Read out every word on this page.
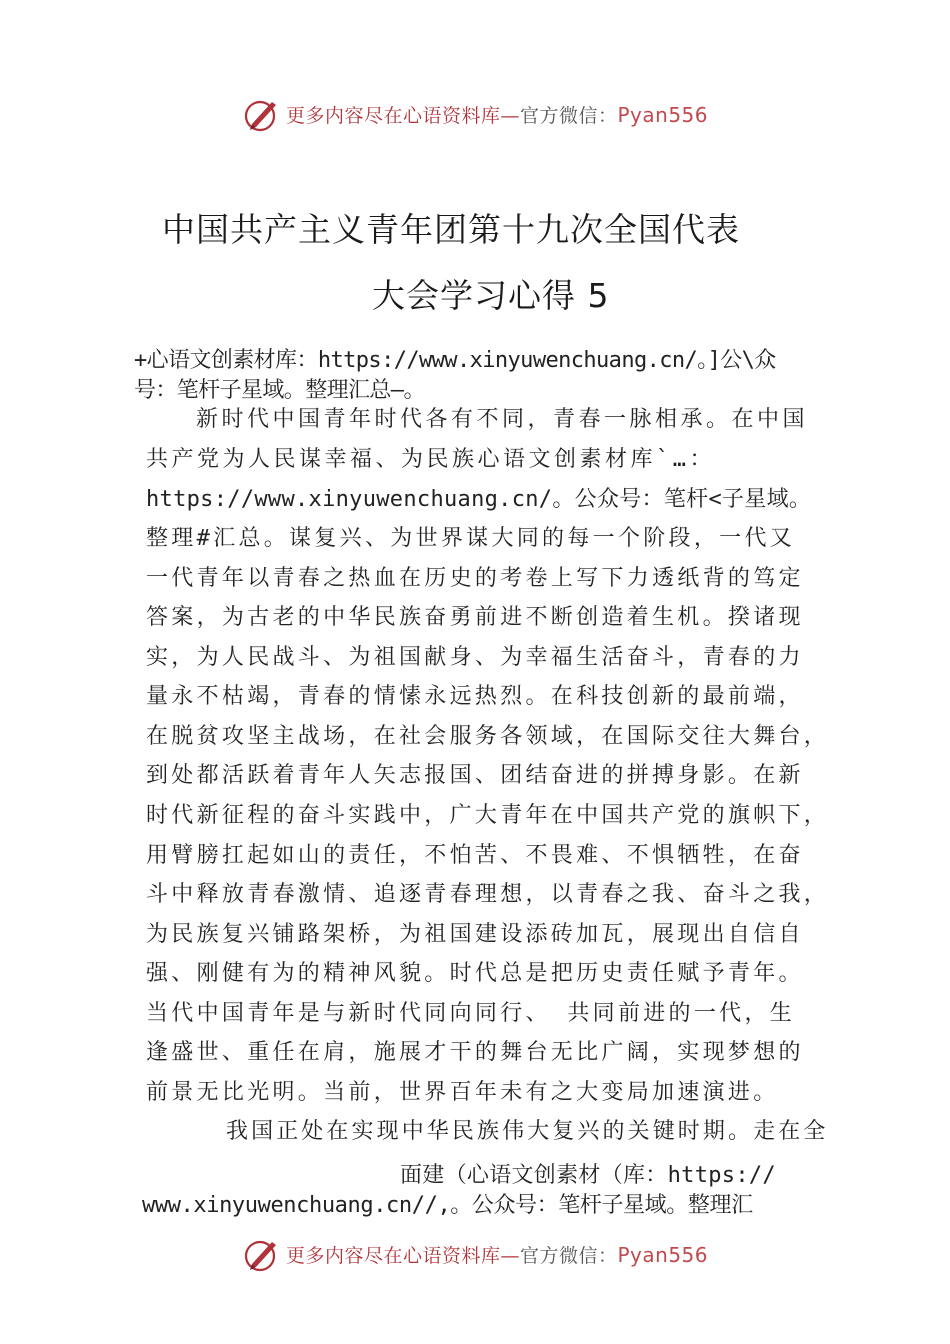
更多内容尽在心语资料库—官方微信：Pyan556
中国共产主义青年团第十九次全国代表
大会学习心得 5
+心语文创素材库：https://www.xinyuwenchuang.cn/。]公\众
号：笔杆子星域。整理汇总—。
新时代中国青年时代各有不同，青春一脉相承。在中国
共产党为人民谋幸福、为民族心语文创素材库`…：
https://www.xinyuwenchuang.cn/。公众号：笔杆<子星域。
整理#汇总。谋复兴、为世界谋大同的每一个阶段，一代又
一代青年以青春之热血在历史的考卷上写下力透纸背的笃定
答案，为古老的中华民族奋勇前进不断创造着生机。揆诸现
实，为人民战斗、为祖国献身、为幸福生活奋斗，青春的力
量永不枯竭，青春的情愫永远热烈。在科技创新的最前端，
在脱贫攻坚主战场，在社会服务各领域，在国际交往大舞台，
到处都活跃着青年人矢志报国、团结奋进的拼搏身影。在新
时代新征程的奋斗实践中，广大青年在中国共产党的旗帜下，
用臂膀扛起如山的责任，不怕苦、不畏难、不惧牺牲，在奋
斗中释放青春激情、追逐青春理想，以青春之我、奋斗之我，
为民族复兴铺路架桥，为祖国建设添砖加瓦，展现出自信自
强、刚健有为的精神风貌。时代总是把历史责任赋予青年。
当代中国青年是与新时代同向同行、 共同前进的一代，生
逢盛世、重任在肩，施展才干的舞台无比广阔，实现梦想的
前景无比光明。当前，世界百年未有之大变局加速演进。
我国正处在实现中华民族伟大复兴的关键时期。走在全
面建（心语文创素材（库：https://
www.xinyuwenchuang.cn//,。公众号：笔杆子星域。整理汇
更多内容尽在心语资料库—官方微信：Pyan556
